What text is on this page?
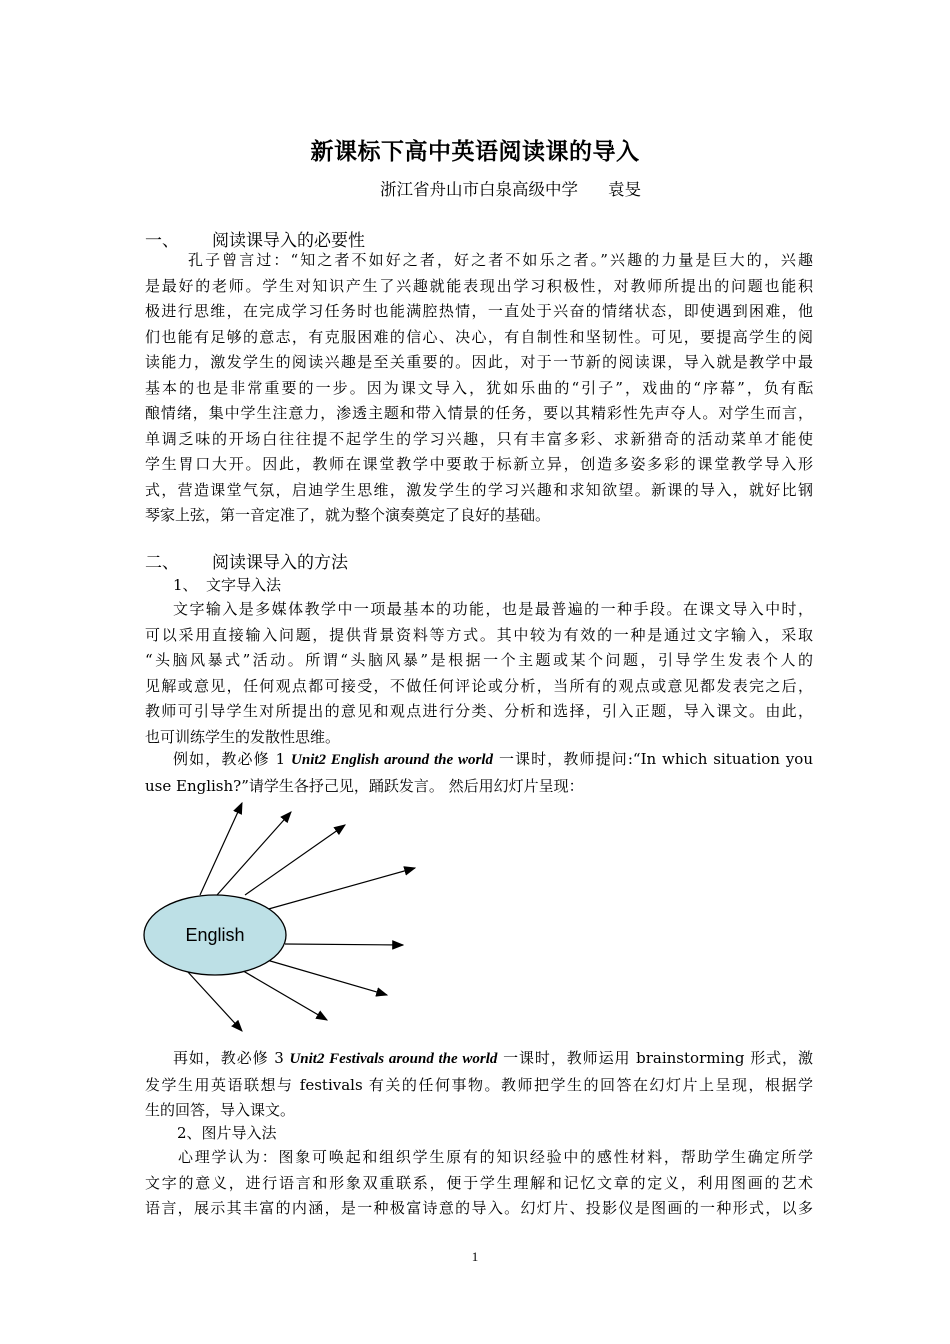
新课标下高中英语阅读课的导入
浙江省舟山市白泉高级中学 袁旻
一、 阅读课导入的必要性
孔子曾言过：“知之者不如好之者，好之者不如乐之者。”兴趣的力量是巨大的，兴趣
是最好的老师。学生对知识产生了兴趣就能表现出学习积极性，对教师所提出的问题也能积
极进行思维，在完成学习任务时也能满腔热情，一直处于兴奋的情绪状态，即使遇到困难，他
们也能有足够的意志，有克服困难的信心、决心，有自制性和坚韧性。可见，要提高学生的阅
读能力，激发学生的阅读兴趣是至关重要的。因此，对于一节新的阅读课，导入就是教学中最
基本的也是非常重要的一步。因为课文导入，犹如乐曲的“引子”，戏曲的“序幕”，负有酝
酿情绪，集中学生注意力，渗透主题和带入情景的任务，要以其精彩性先声夺人。对学生而言，
单调乏味的开场白往往提不起学生的学习兴趣，只有丰富多彩、求新猎奇的活动菜单才能使
学生胃口大开。因此，教师在课堂教学中要敢于标新立异，创造多姿多彩的课堂教学导入形
式，营造课堂气氛，启迪学生思维，激发学生的学习兴趣和求知欲望。新课的导入，就好比钢
琴家上弦，第一音定准了，就为整个演奏奠定了良好的基础。
二、 阅读课导入的方法
1、 文字导入法
文字输入是多媒体教学中一项最基本的功能，也是最普遍的一种手段。在课文导入中时，
可以采用直接输入问题，提供背景资料等方式。其中较为有效的一种是通过文字输入，采取
“头脑风暴式”活动。所谓“头脑风暴”是根据一个主题或某个问题，引导学生发表个人的
见解或意见，任何观点都可接受，不做任何评论或分析，当所有的观点或意见都发表完之后，
教师可引导学生对所提出的意见和观点进行分类、分析和选择，引入正题，导入课文。由此，
也可训练学生的发散性思维。
例如，教必修 1 Unit2 English around the world 一课时，教师提问:“In which situation you
use English?”请学生各抒己见，踊跃发言。 然后用幻灯片呈现：
English
再如，教必修 3 Unit2 Festivals around the world 一课时，教师运用 brainstorming 形式，激
发学生用英语联想与 festivals 有关的任何事物。教师把学生的回答在幻灯片上呈现，根据学
生的回答，导入课文。
2、图片导入法
心理学认为：图象可唤起和组织学生原有的知识经验中的感性材料，帮助学生确定所学
文字的意义，进行语言和形象双重联系，便于学生理解和记忆文章的定义，利用图画的艺术
语言，展示其丰富的内涵，是一种极富诗意的导入。幻灯片、投影仪是图画的一种形式，以多
1
